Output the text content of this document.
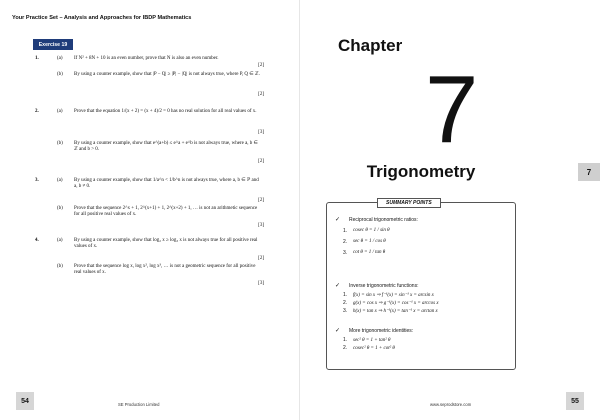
Your Practice Set – Analysis and Approaches for IBDP Mathematics
Exercise 19
1.	(a) If N² + 8N + 10 is an even number, prove that N is also an even number.
[2]
(b) By using a counter example, show that |P − Q| ≥ |P| − |Q| is not always true, where P, Q ∈ ℤ.
[2]
2.	(a) Prove that the equation 1/(x + 2) = (x + 4)/2 = 0 has no real solution for all real values of x.
[3]
(b) By using a counter example, show that e^(a+b) ≤ e^a + e^b is not always true, where a, b ∈ ℤ and b > 0.
[2]
3.	(a) By using a counter example, show that 1/a^n < 1/b^n is not always true, where a, b ∈ ℙ and a, b ≠ 0.
[2]
(b) Prove that the sequence 2^x + 1, 2^(x+1) + 1, 2^(x+2) + 1, … is not an arithmetic sequence for all positive real values of x.
[3]
4.	(a) By using a counter example, show that log₂ x ≥ log₃ x is not always true for all positive real values of x.
[2]
(b) Prove that the sequence log x, log x², log x³, … is not a geometric sequence for all positive real values of x.
[3]
54	SE Production Limited	www.seprodstore.com	55
Chapter
7
Trigonometry	7
SUMMARY POINTS
✓ Reciprocal trigonometric ratios:
1. cosec θ = 1 / sin θ
2. sec θ = 1 / cos θ
3. cot θ = 1 / tan θ
✓ Inverse trigonometric functions:
1. f(x) = sin x ⇒ f⁻¹(x) = sin⁻¹ x = arcsin x
2. g(x) = cos x ⇒ g⁻¹(x) = cos⁻¹ x = arccos x
3. h(x) = tan x ⇒ h⁻¹(x) = tan⁻¹ x = arctan x
✓ More trigonometric identities:
1. sec² θ = 1 + tan² θ
2. cosec² θ = 1 + cot² θ
